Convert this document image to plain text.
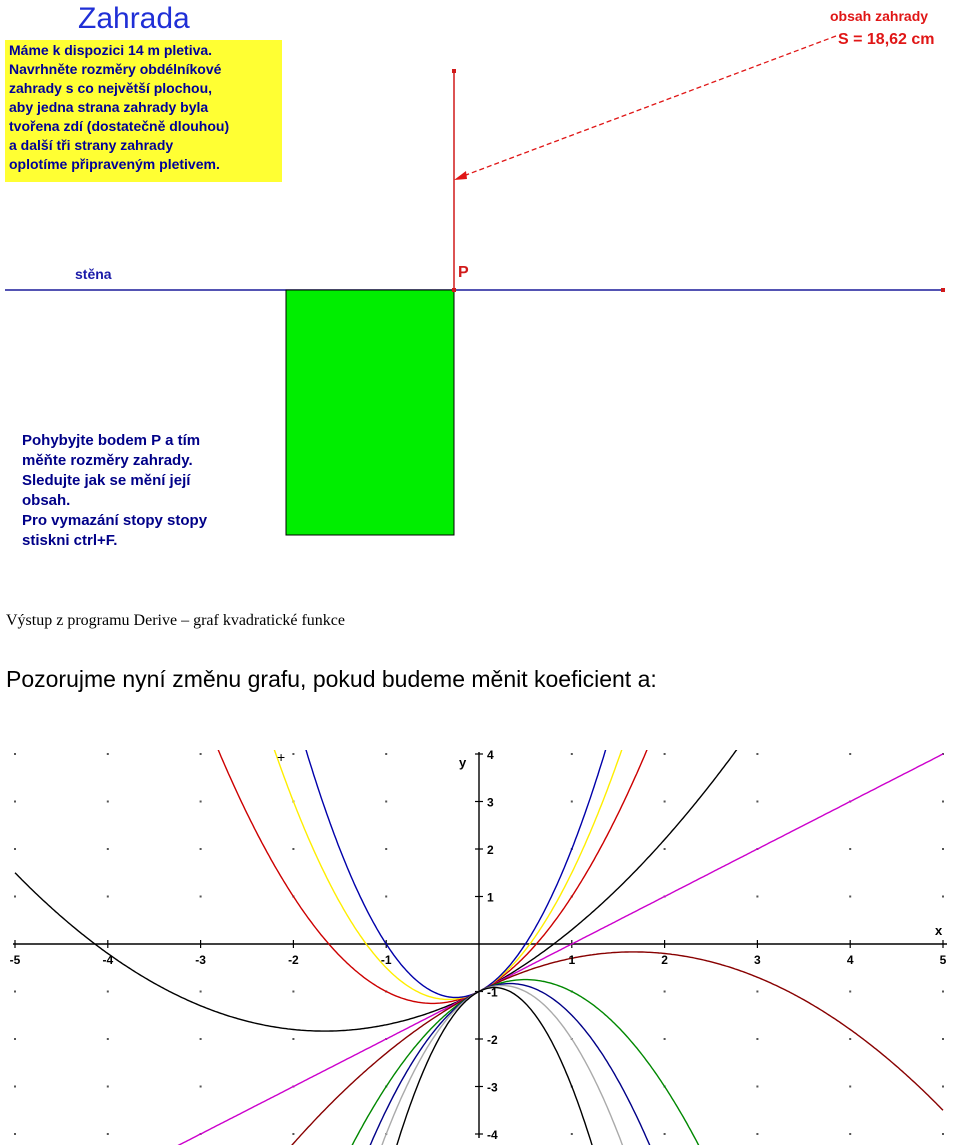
Zahrada
Máme k dispozici 14 m pletiva.
Navrhněte rozměry obdélníkové
zahrady s co největší plochou,
aby jedna strana zahrady byla
tvořena zdí (dostatečně dlouhou)
a další tři strany zahrady
oplotíme připraveným pletivem.
obsah zahrady
S = 18,62 cm
stěna	P
Pohybyjte bodem P a tím
měňte rozměry zahrady.
Sledujte jak se mění její
obsah.
Pro vymazání stopy stopy
stiskni ctrl+F.
Výstup z programu Derive – graf kvadratické funkce
Pozorujme nyní změnu grafu, pokud budeme měnit koeficient a:
-5	-4	-3	-2	-1	1	2	3	4	5
4
3
2
1
-1
-2
-3
-4
x
y
+
